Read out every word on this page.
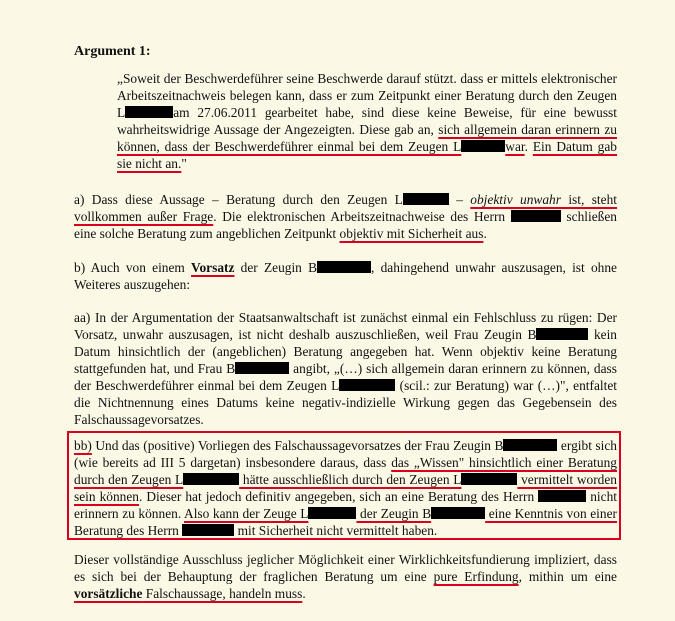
Argument 1:

„Soweit der Beschwerdeführer seine Beschwerde darauf stützt. dass er mittels elektronischer Arbeitszeitnachweis belegen kann, dass er zum Zeitpunkt einer Beratung durch den Zeugen L	am 27.06.2011 gearbeitet habe, sind diese keine Beweise, für eine bewusst wahrheitswidrige Aussage der Angezeigten. Diese gab an, sich allgemein daran erinnern zu können, dass der Beschwerdeführer einmal bei dem Zeugen L	war. Ein Datum gab sie nicht an."

a) Dass diese Aussage – Beratung durch den Zeugen L	– objektiv unwahr ist, steht vollkommen außer Frage. Die elektronischen Arbeitszeitnachweise des Herrn	schließen eine solche Beratung zum angeblichen Zeitpunkt objektiv mit Sicherheit aus.

b) Auch von einem Vorsatz der Zeugin B	, dahingehend unwahr auszusagen, ist ohne Weiteres auszugehen:

aa) In der Argumentation der Staatsanwaltschaft ist zunächst einmal ein Fehlschluss zu rügen: Der Vorsatz, unwahr auszusagen, ist nicht deshalb auszuschließen, weil Frau Zeugin B	kein Datum hinsichtlich der (angeblichen) Beratung angegeben hat. Wenn objektiv keine Beratung stattgefunden hat, und Frau B	angibt, „(…) sich allgemein daran erinnern zu können, dass der Beschwerdeführer einmal bei dem Zeugen L	(scil.: zur Beratung) war (…)", entfaltet die Nichtnennung eines Datums keine negativ-indizielle Wirkung gegen das Gegebensein des Falschaussagevorsatzes.

bb) Und das (positive) Vorliegen des Falschaussagevorsatzes der Frau Zeugin B	ergibt sich (wie bereits ad III 5 dargetan) insbesondere daraus, dass das „Wissen" hinsichtlich einer Beratung durch den Zeugen L	hätte ausschließlich durch den Zeugen L	vermittelt worden sein können. Dieser hat jedoch definitiv angegeben, sich an eine Beratung des Herrn	nicht erinnern zu können. Also kann der Zeuge L	der Zeugin B	eine Kenntnis von einer Beratung des Herrn	mit Sicherheit nicht vermittelt haben.

Dieser vollständige Ausschluss jeglicher Möglichkeit einer Wirklichkeitsfundierung impliziert, dass es sich bei der Behauptung der fraglichen Beratung um eine pure Erfindung, mithin um eine vorsätzliche Falschaussage, handeln muss.
